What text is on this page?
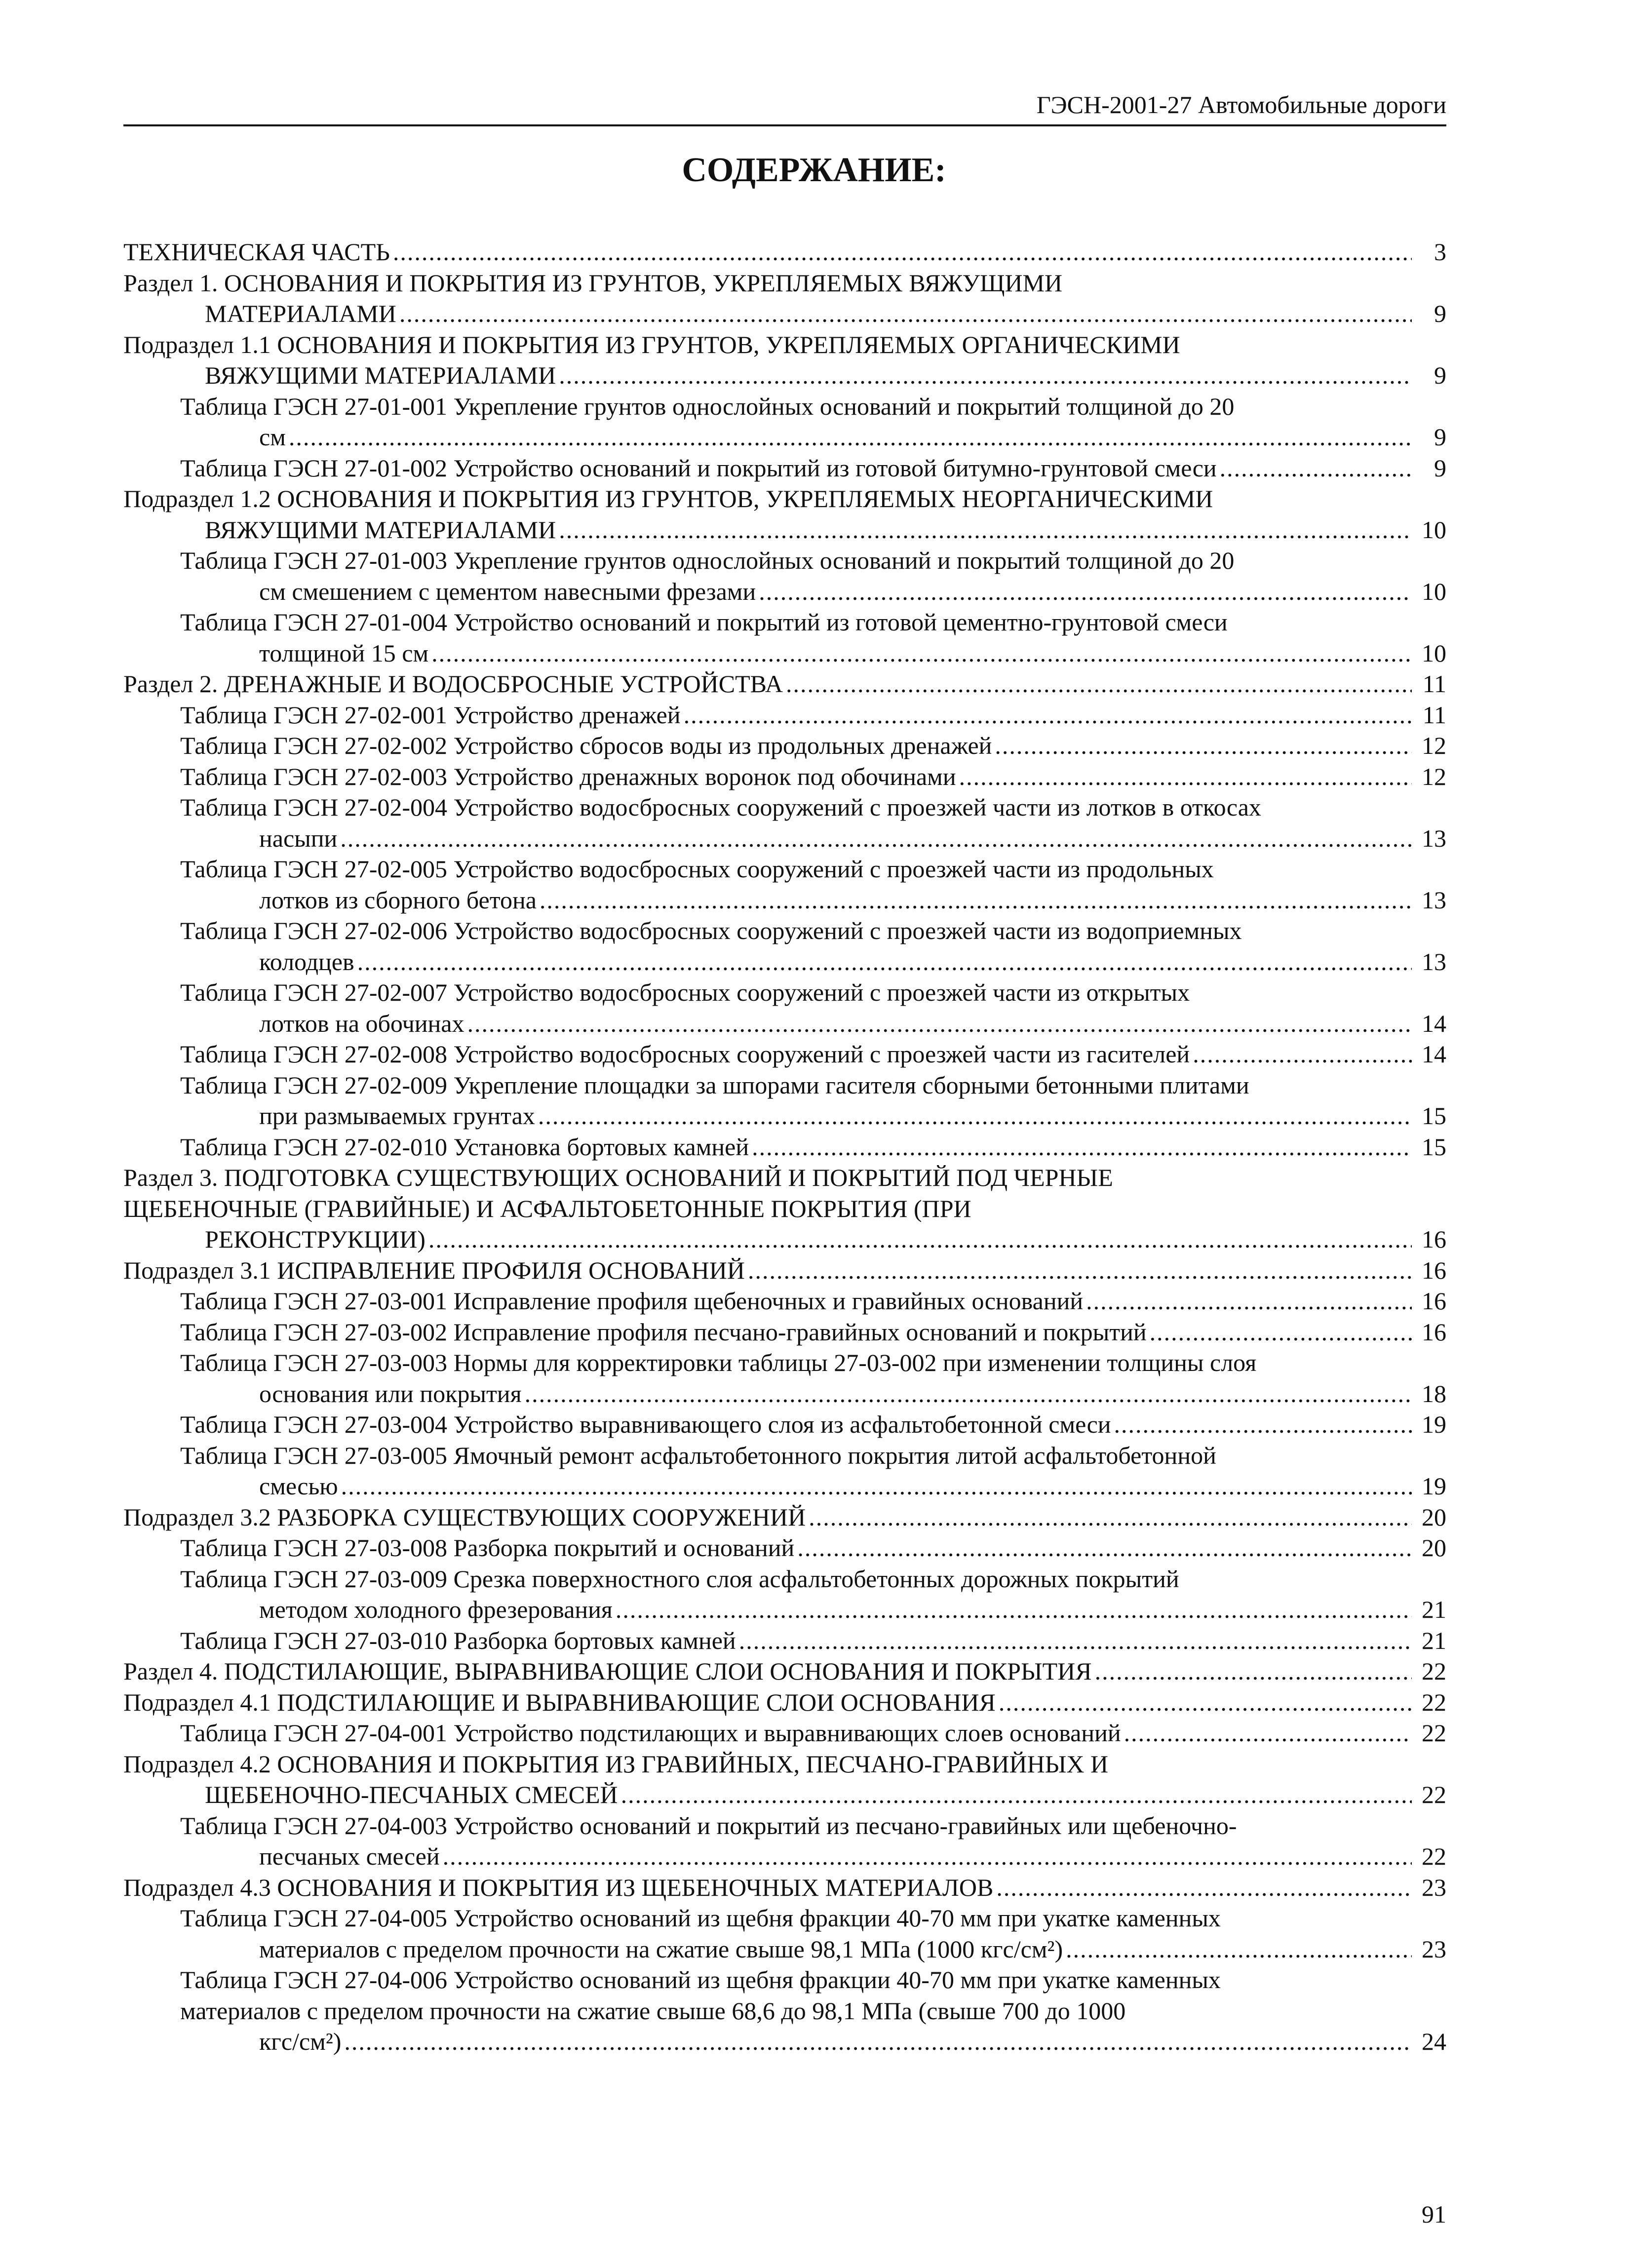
ГЭСН-2001-27 Автомобильные дороги
СОДЕРЖАНИЕ:
ТЕХНИЧЕСКАЯ ЧАСТЬ .....	3
Раздел 1. ОСНОВАНИЯ И ПОКРЫТИЯ ИЗ ГРУНТОВ, УКРЕПЛЯЕМЫХ ВЯЖУЩИМИ
МАТЕРИАЛАМИ .....	9
Подраздел 1.1 ОСНОВАНИЯ И ПОКРЫТИЯ ИЗ ГРУНТОВ, УКРЕПЛЯЕМЫХ ОРГАНИЧЕСКИМИ
ВЯЖУЩИМИ МАТЕРИАЛАМИ .....	9
Таблица ГЭСН 27-01-001 Укрепление грунтов однослойных оснований и покрытий толщиной до 20
см .....	9
Таблица ГЭСН 27-01-002 Устройство оснований и покрытий из готовой битумно-грунтовой смеси .....	9
Подраздел 1.2 ОСНОВАНИЯ И ПОКРЫТИЯ ИЗ ГРУНТОВ, УКРЕПЛЯЕМЫХ НЕОРГАНИЧЕСКИМИ
ВЯЖУЩИМИ МАТЕРИАЛАМИ .....	10
Таблица ГЭСН 27-01-003 Укрепление грунтов однослойных оснований и покрытий толщиной до 20
см смешением с цементом навесными фрезами .....	10
Таблица ГЭСН 27-01-004 Устройство оснований и покрытий из готовой цементно-грунтовой смеси
толщиной 15 см .....	10
Раздел 2. ДРЕНАЖНЫЕ И ВОДОСБРОСНЫЕ УСТРОЙСТВА .....	11
Таблица ГЭСН 27-02-001 Устройство дренажей .....	11
Таблица ГЭСН 27-02-002 Устройство сбросов воды из продольных дренажей .....	12
Таблица ГЭСН 27-02-003 Устройство дренажных воронок под обочинами .....	12
Таблица ГЭСН 27-02-004 Устройство водосбросных сооружений с проезжей части из лотков в откосах
насыпи .....	13
Таблица ГЭСН 27-02-005 Устройство водосбросных сооружений с проезжей части из продольных
лотков из сборного бетона .....	13
Таблица ГЭСН 27-02-006 Устройство водосбросных сооружений с проезжей части из водоприемных
колодцев .....	13
Таблица ГЭСН 27-02-007 Устройство водосбросных сооружений с проезжей части из открытых
лотков на обочинах .....	14
Таблица ГЭСН 27-02-008 Устройство водосбросных сооружений с проезжей части из гасителей .....	14
Таблица ГЭСН 27-02-009 Укрепление площадки за шпорами гасителя сборными бетонными плитами
при размываемых грунтах .....	15
Таблица ГЭСН 27-02-010 Установка бортовых камней .....	15
Раздел 3. ПОДГОТОВКА СУЩЕСТВУЮЩИХ ОСНОВАНИЙ И ПОКРЫТИЙ ПОД ЧЕРНЫЕ
ЩЕБЕНОЧНЫЕ (ГРАВИЙНЫЕ) И АСФАЛЬТОБЕТОННЫЕ ПОКРЫТИЯ (ПРИ
РЕКОНСТРУКЦИИ) .....	16
Подраздел 3.1 ИСПРАВЛЕНИЕ ПРОФИЛЯ ОСНОВАНИЙ .....	16
Таблица ГЭСН 27-03-001 Исправление профиля щебеночных и гравийных оснований .....	16
Таблица ГЭСН 27-03-002 Исправление профиля песчано-гравийных оснований и покрытий .....	16
Таблица ГЭСН 27-03-003 Нормы для корректировки таблицы 27-03-002 при изменении толщины слоя
основания или покрытия .....	18
Таблица ГЭСН 27-03-004 Устройство выравнивающего слоя из асфальтобетонной смеси .....	19
Таблица ГЭСН 27-03-005 Ямочный ремонт асфальтобетонного покрытия литой асфальтобетонной
смесью .....	19
Подраздел 3.2 РАЗБОРКА СУЩЕСТВУЮЩИХ СООРУЖЕНИЙ .....	20
Таблица ГЭСН 27-03-008 Разборка покрытий и оснований .....	20
Таблица ГЭСН 27-03-009 Срезка поверхностного слоя асфальтобетонных дорожных покрытий
методом холодного фрезерования .....	21
Таблица ГЭСН 27-03-010 Разборка бортовых камней .....	21
Раздел 4. ПОДСТИЛАЮЩИЕ, ВЫРАВНИВАЮЩИЕ СЛОИ ОСНОВАНИЯ И ПОКРЫТИЯ .....	22
Подраздел 4.1 ПОДСТИЛАЮЩИЕ И ВЫРАВНИВАЮЩИЕ СЛОИ ОСНОВАНИЯ .....	22
Таблица ГЭСН 27-04-001 Устройство подстилающих и выравнивающих слоев оснований .....	22
Подраздел 4.2 ОСНОВАНИЯ И ПОКРЫТИЯ ИЗ ГРАВИЙНЫХ, ПЕСЧАНО-ГРАВИЙНЫХ И
ЩЕБЕНОЧНО-ПЕСЧАНЫХ СМЕСЕЙ .....	22
Таблица ГЭСН 27-04-003 Устройство оснований и покрытий из песчано-гравийных или щебеночно-
песчаных смесей .....	22
Подраздел 4.3 ОСНОВАНИЯ И ПОКРЫТИЯ ИЗ ЩЕБЕНОЧНЫХ МАТЕРИАЛОВ .....	23
Таблица ГЭСН 27-04-005 Устройство оснований из щебня фракции 40-70 мм при укатке каменных
материалов с пределом прочности на сжатие свыше 98,1 МПа (1000 кгс/см²) .....	23
Таблица ГЭСН 27-04-006 Устройство оснований из щебня фракции 40-70 мм при укатке каменных
материалов с пределом прочности на сжатие свыше 68,6 до 98,1 МПа (свыше 700 до 1000
кгс/см²) .....	24
91
